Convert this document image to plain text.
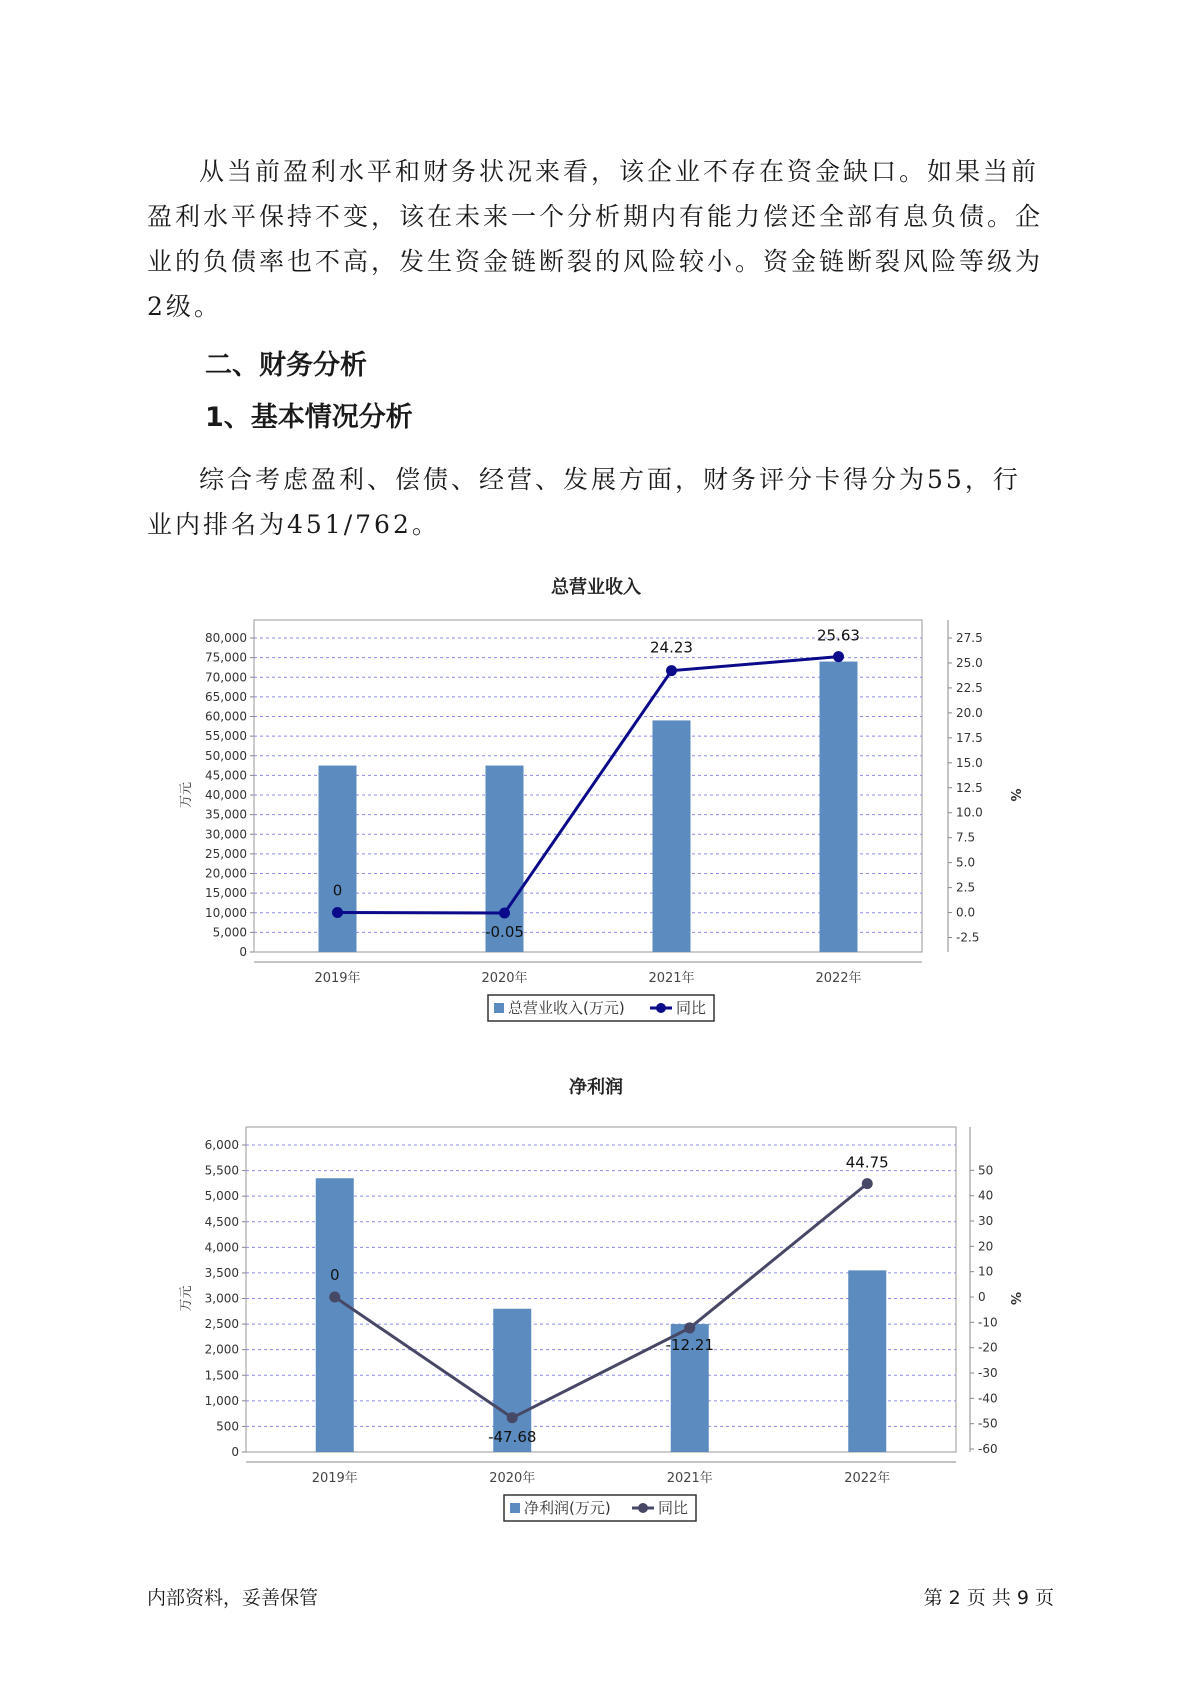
从当前盈利水平和财务状况来看，该企业不存在资金缺口。如果当前盈利水平保持不变，该在未来一个分析期内有能力偿还全部有息负债。企业的负债率也不高，发生资金链断裂的风险较小。资金链断裂风险等级为2级。

二、财务分析
1、基本情况分析

综合考虑盈利、偿债、经营、发展方面，财务评分卡得分为55，行业内排名为451/762。

总营业收入
0
5,000
10,000
15,000
20,000
25,000
30,000
35,000
40,000
45,000
50,000
55,000
60,000
65,000
70,000
75,000
80,000
-2.5
0.0
2.5
5.0
7.5
10.0
12.5
15.0
17.5
20.0
22.5
25.0
27.5
万元	%
2019年	2020年	2021年	2022年
0
-0.05
24.23
25.63
总营业收入(万元)	同比
净利润
0
500
1,000
1,500
2,000
2,500
3,000
3,500
4,000
4,500
5,000
5,500
6,000
-60
-50
-40
-30
-20
-10
0
10
20
30
40
50
万元	%
2019年	2020年	2021年	2022年
0
-47.68
-12.21
44.75
净利润(万元)	同比
内部资料，妥善保管	第 2 页 共 9 页
